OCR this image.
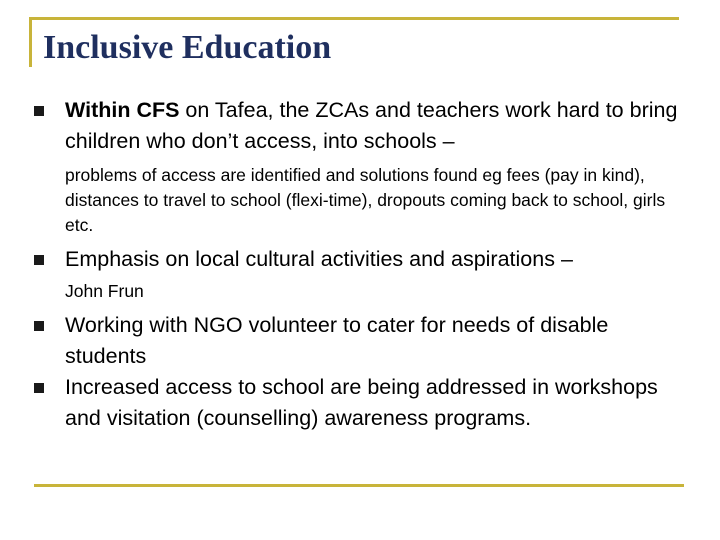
Inclusive Education
Within CFS on Tafea, the ZCAs and teachers work hard to bring children who don’t access, into schools –
problems of access are identified and solutions found eg fees (pay in kind), distances to travel to school (flexi-time), dropouts coming back to school, girls etc.
Emphasis on local cultural activities and aspirations –
John Frun
Working with NGO volunteer to cater for needs of disable students
Increased access to school are being addressed in workshops and visitation (counselling) awareness programs.
